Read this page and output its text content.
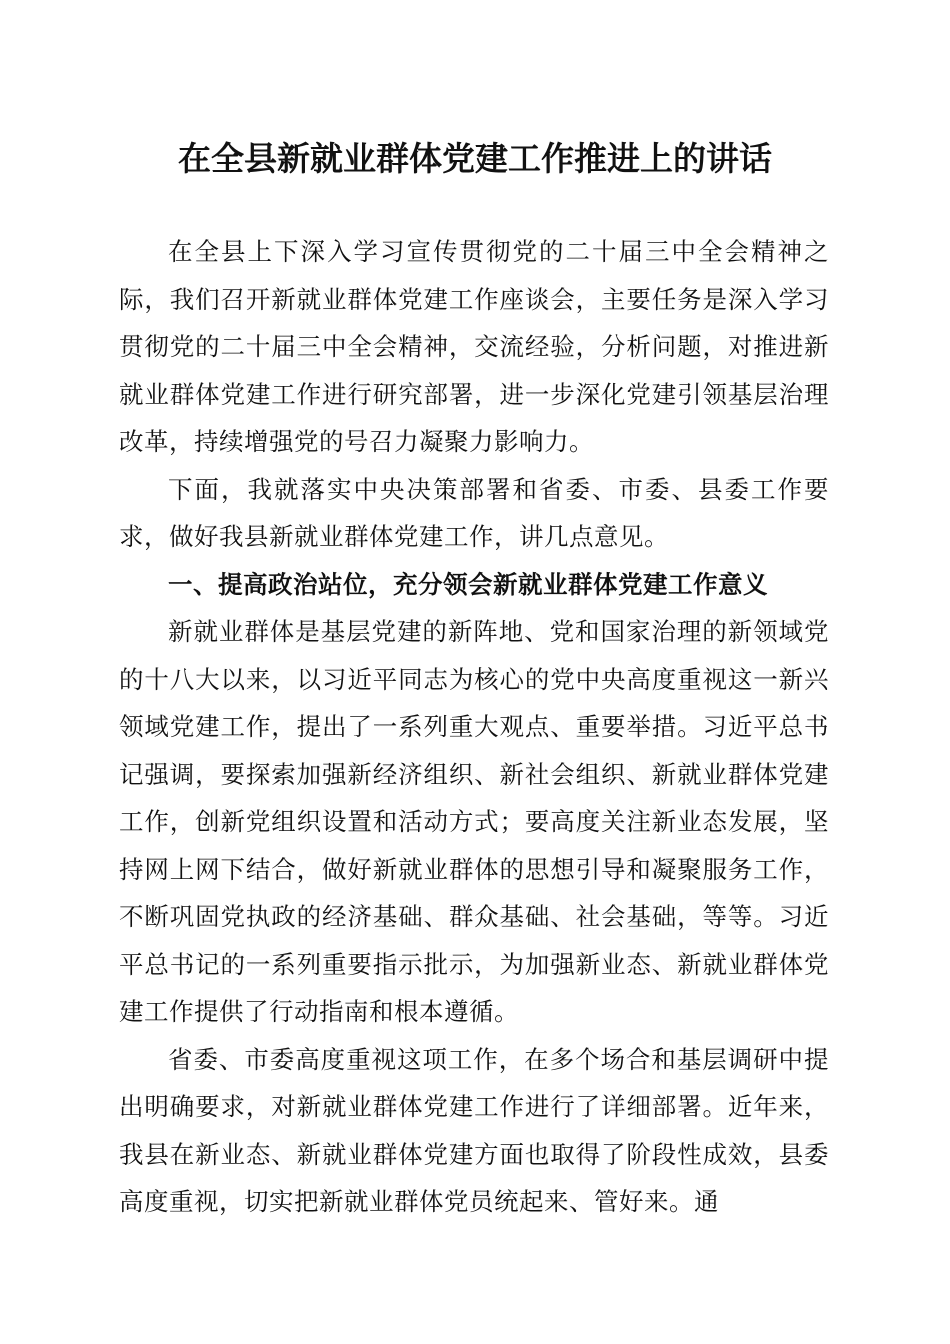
在全县新就业群体党建工作推进上的讲话

在全县上下深入学习宣传贯彻党的二十届三中全会精神之际，我们召开新就业群体党建工作座谈会，主要任务是深入学习贯彻党的二十届三中全会精神，交流经验，分析问题，对推进新就业群体党建工作进行研究部署，进一步深化党建引领基层治理改革，持续增强党的号召力凝聚力影响力。

下面，我就落实中央决策部署和省委、市委、县委工作要求，做好我县新就业群体党建工作，讲几点意见。

一、提高政治站位，充分领会新就业群体党建工作意义

新就业群体是基层党建的新阵地、党和国家治理的新领域党的十八大以来，以习近平同志为核心的党中央高度重视这一新兴领域党建工作，提出了一系列重大观点、重要举措。习近平总书记强调，要探索加强新经济组织、新社会组织、新就业群体党建工作，创新党组织设置和活动方式；要高度关注新业态发展，坚持网上网下结合，做好新就业群体的思想引导和凝聚服务工作，不断巩固党执政的经济基础、群众基础、社会基础，等等。习近平总书记的一系列重要指示批示，为加强新业态、新就业群体党建工作提供了行动指南和根本遵循。

省委、市委高度重视这项工作，在多个场合和基层调研中提出明确要求，对新就业群体党建工作进行了详细部署。近年来，我县在新业态、新就业群体党建方面也取得了阶段性成效，县委高度重视，切实把新就业群体党员统起来、管好来。通
